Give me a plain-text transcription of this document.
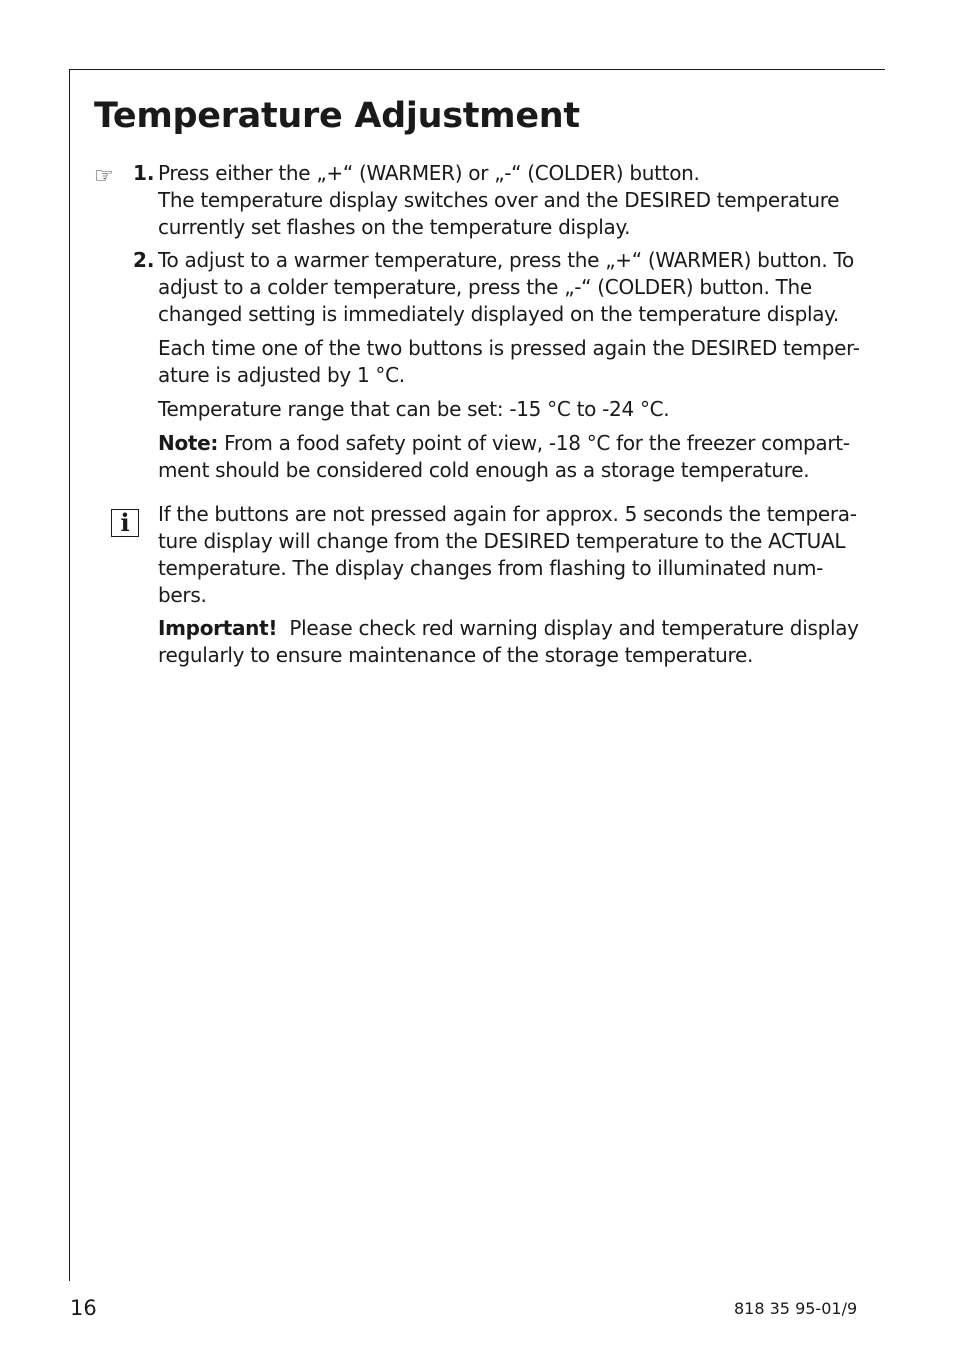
Temperature Adjustment
☞ 1. Press either the „+“ (WARMER) or „-“ (COLDER) button.
The temperature display switches over and the DESIRED temperature
currently set flashes on the temperature display.
2. To adjust to a warmer temperature, press the „+“ (WARMER) button. To
adjust to a colder temperature, press the „-“ (COLDER) button. The
changed setting is immediately displayed on the temperature display.
Each time one of the two buttons is pressed again the DESIRED temper-
ature is adjusted by 1 °C.
Temperature range that can be set: -15 °C to -24 °C.
Note: From a food safety point of view, -18 °C for the freezer compart-
ment should be considered cold enough as a storage temperature.
i	If the buttons are not pressed again for approx. 5 seconds the tempera-
ture display will change from the DESIRED temperature to the ACTUAL
temperature. The display changes from flashing to illuminated num-
bers.
Important! Please check red warning display and temperature display
regularly to ensure maintenance of the storage temperature.
16	818 35 95-01/9
